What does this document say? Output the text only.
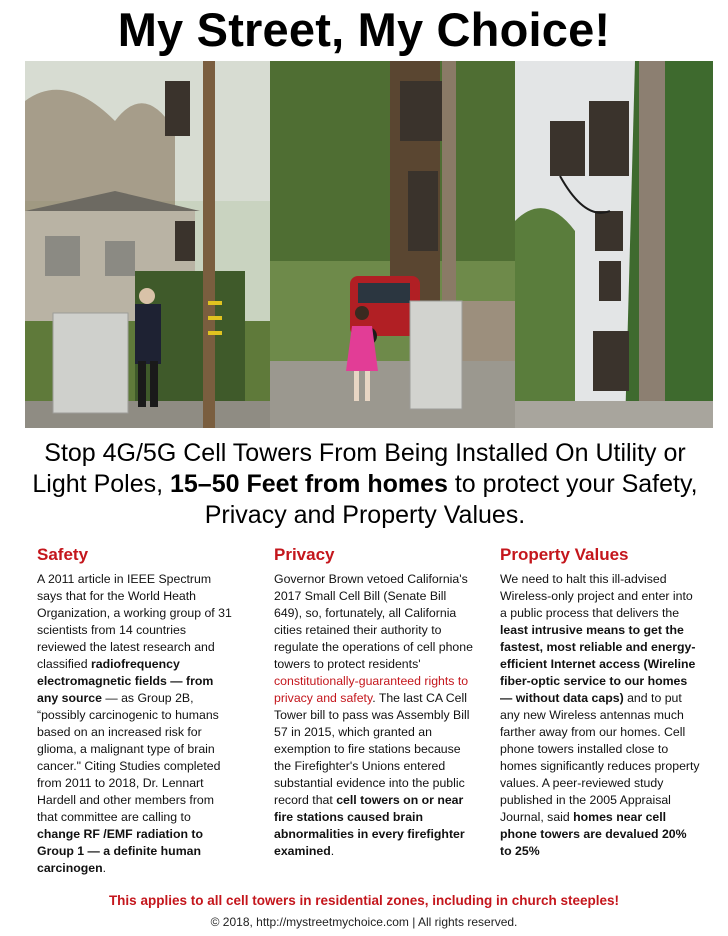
My Street, My Choice!
Stop 4G/5G Cell Towers From Being Installed On Utility or Light Poles, 15–50 Feet from homes to protect your Safety, Privacy and Property Values.
Safety

A 2011 article in IEEE Spectrum says that for the World Heath Organization, a working group of 31 scientists from 14 countries reviewed the latest research and classified radiofrequency electromagnetic fields — from any source — as Group 2B, “possibly carcinogenic to humans based on an increased risk for glioma, a malignant type of brain cancer." Citing Studies completed from 2011 to 2018, Dr. Lennart Hardell and other members from that committee are calling to change RF /EMF radiation to Group 1 — a definite human carcinogen.

Privacy

Governor Brown vetoed California's 2017 Small Cell Bill (Senate Bill 649), so, fortunately, all California cities retained their authority to regulate the operations of cell phone towers to protect residents' constitutionally-guaranteed rights to privacy and safety. The last CA Cell Tower bill to pass was Assembly Bill 57 in 2015, which granted an exemption to fire stations because the Firefighter's Unions entered substantial evidence into the public record that cell towers on or near fire stations caused brain abnormalities in every firefighter examined.

Property Values

We need to halt this ill-advised Wireless-only project and enter into a public process that delivers the least intrusive means to get the fastest, most reliable and energy-efficient Internet access (Wireline fiber-optic service to our homes — without data caps) and to put any new Wireless antennas much farther away from our homes. Cell phone towers installed close to homes significantly reduces property values. A peer-reviewed study published in the 2005 Appraisal Journal, said homes near cell phone towers are devalued 20% to 25%

This applies to all cell towers in residential zones, including in church steeples!
© 2018, http://mystreetmychoice.com | All rights reserved.
